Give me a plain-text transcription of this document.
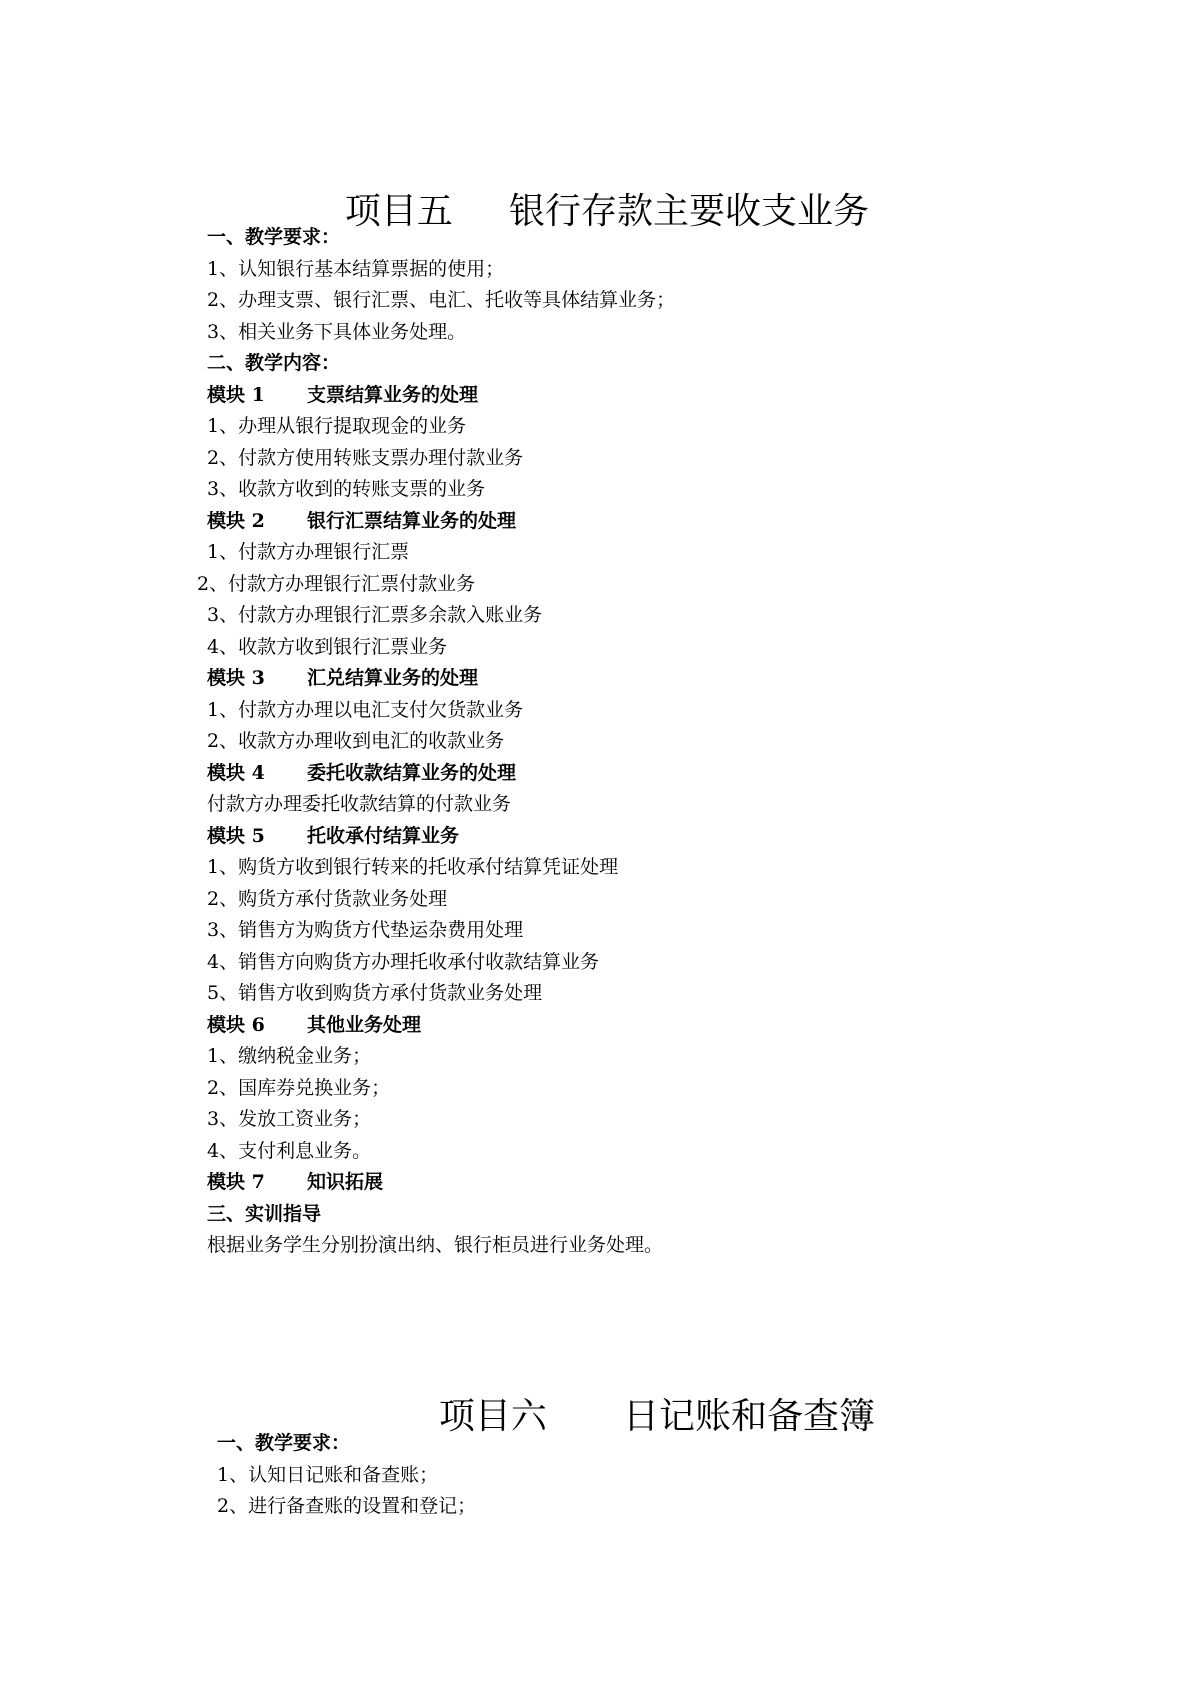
项目五 银行存款主要收支业务

一、教学要求：
1、认知银行基本结算票据的使用；
2、办理支票、银行汇票、电汇、托收等具体结算业务；
3、相关业务下具体业务处理。
二、教学内容：
模块 1 支票结算业务的处理
1、办理从银行提取现金的业务
2、付款方使用转账支票办理付款业务
3、收款方收到的转账支票的业务
模块 2 银行汇票结算业务的处理
1、付款方办理银行汇票
2、付款方办理银行汇票付款业务
3、付款方办理银行汇票多余款入账业务
4、收款方收到银行汇票业务
模块 3 汇兑结算业务的处理
1、付款方办理以电汇支付欠货款业务
2、收款方办理收到电汇的收款业务
模块 4 委托收款结算业务的处理
付款方办理委托收款结算的付款业务
模块 5 托收承付结算业务
1、购货方收到银行转来的托收承付结算凭证处理
2、购货方承付货款业务处理
3、销售方为购货方代垫运杂费用处理
4、销售方向购货方办理托收承付收款结算业务
5、销售方收到购货方承付货款业务处理
模块 6 其他业务处理
1、缴纳税金业务；
2、国库券兑换业务；
3、发放工资业务；
4、支付利息业务。
模块 7 知识拓展
三、实训指导
根据业务学生分别扮演出纳、银行柜员进行业务处理。

项目六 日记账和备查簿

一、教学要求：
1、认知日记账和备查账；
2、进行备查账的设置和登记；
